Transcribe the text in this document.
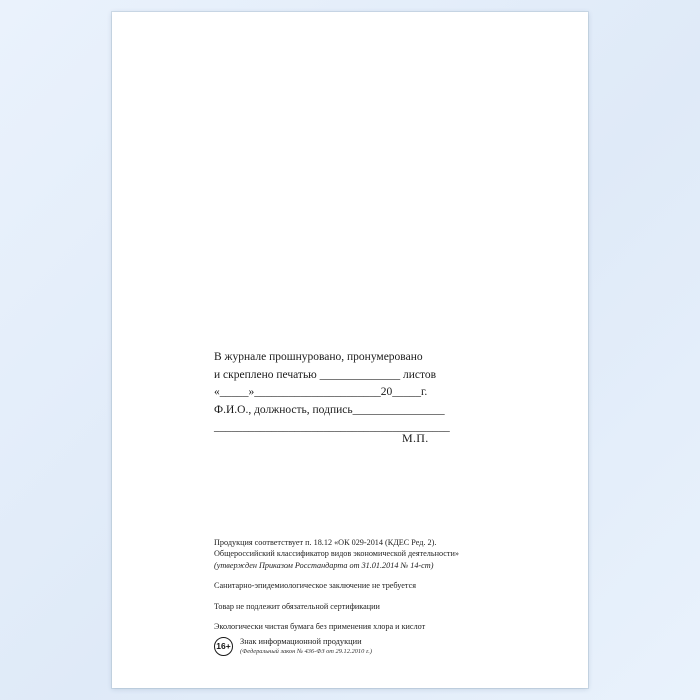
В журнале прошнуровано, пронумеровано
и скреплено печатью ______________ листов
«_____»______________________20_____г.
Ф.И.О., должность, подпись________________
_________________________________________
М.П.
Продукция соответствует п. 18.12 «ОК 029-2014 (КДЕС Ред. 2).
Общероссийский классификатор видов экономической деятельности»
(утвержден Приказом Росстандарта от 31.01.2014 № 14-ст)
Санитарно-эпидемиологическое заключение не требуется
Товар не подлежит обязательной сертификации
Экологически чистая бумага без применения хлора и кислот
16+ Знак информационной продукции
(Федеральный закон № 436-ФЗ от 29.12.2010 г.)
